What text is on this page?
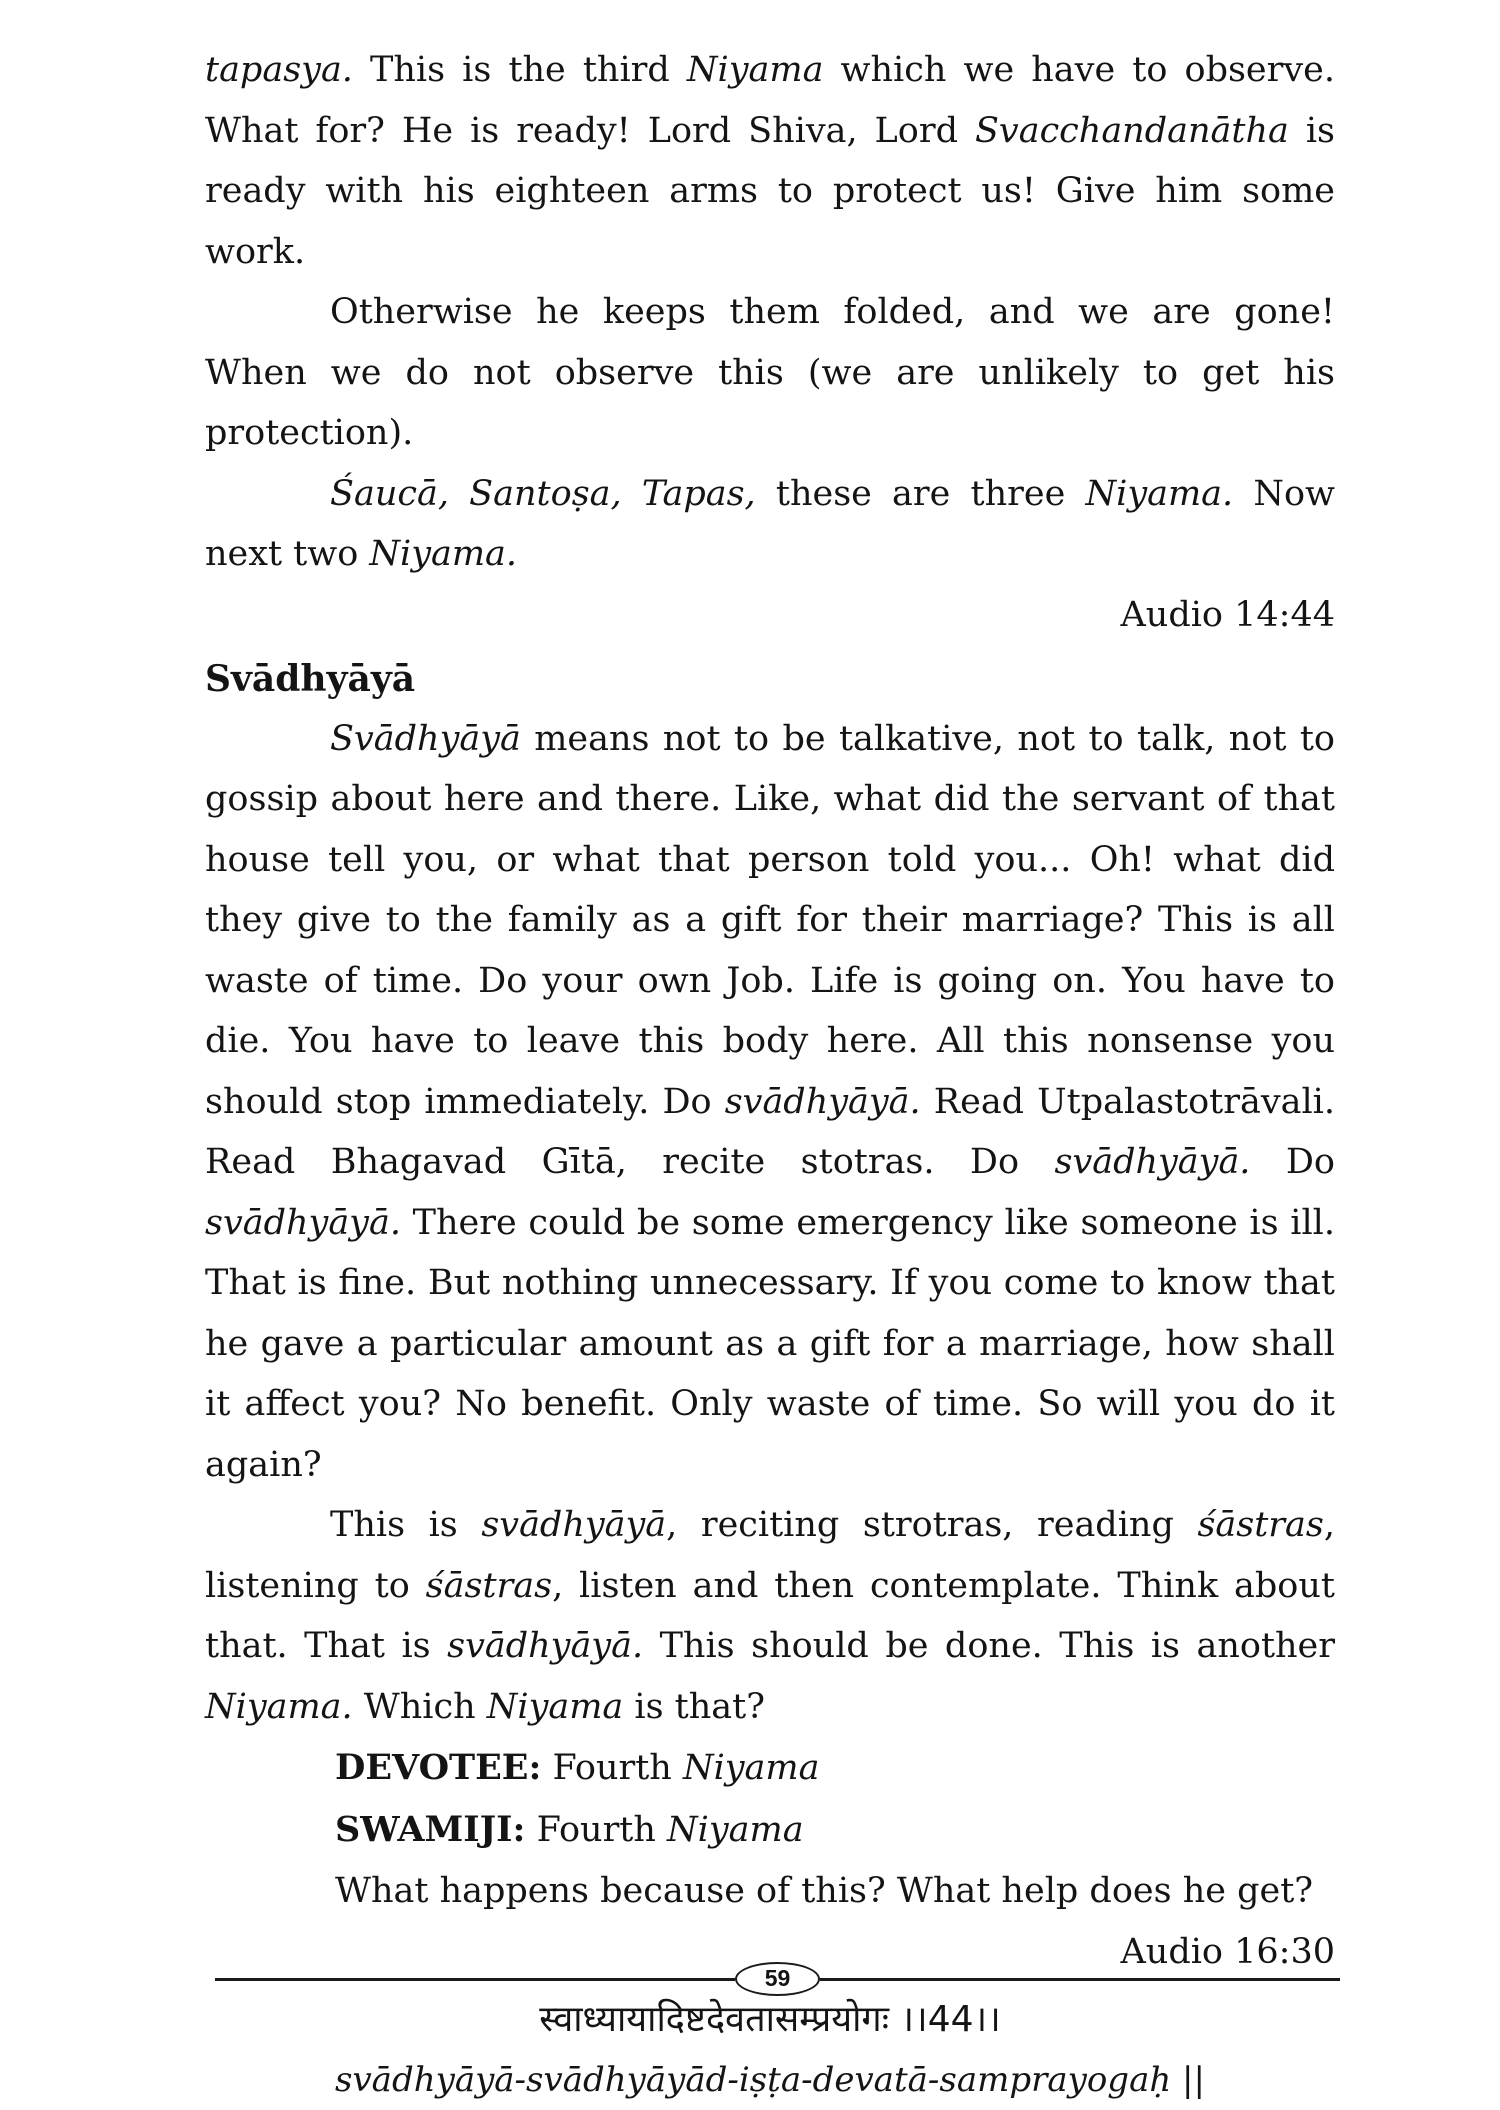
tapasya. This is the third Niyama which we have to observe. What for? He is ready! Lord Shiva, Lord Svacchandanātha is ready with his eighteen arms to protect us! Give him some work.

Otherwise he keeps them folded, and we are gone! When we do not observe this (we are unlikely to get his protection).

Śaucā, Santoṣa, Tapas, these are three Niyama. Now next two Niyama.

Audio 14:44

Svādhyāyā

Svādhyāyā means not to be talkative, not to talk, not to gossip about here and there. Like, what did the servant of that house tell you, or what that person told you... Oh! what did they give to the family as a gift for their marriage? This is all waste of time. Do your own Job. Life is going on. You have to die. You have to leave this body here. All this nonsense you should stop immediately. Do svādhyāyā. Read Utpalastotrāvali. Read Bhagavad Gītā, recite stotras. Do svādhyāyā. Do svādhyāyā. There could be some emergency like someone is ill. That is fine. But nothing unnecessary. If you come to know that he gave a particular amount as a gift for a marriage, how shall it affect you? No benefit. Only waste of time. So will you do it again?

This is svādhyāyā, reciting strotras, reading śāstras, listening to śāstras, listen and then contemplate. Think about that. That is svādhyāyā. This should be done. This is another Niyama. Which Niyama is that?

DEVOTEE: Fourth Niyama

SWAMIJI: Fourth Niyama

What happens because of this? What help does he get?

Audio 16:30

स्वाध्यायादिष्टदेवतासम्प्रयोगः ।।44।।

svādhyāyā-svādhyāyād-iṣṭa-devatā-samprayogaḥ ||

59
